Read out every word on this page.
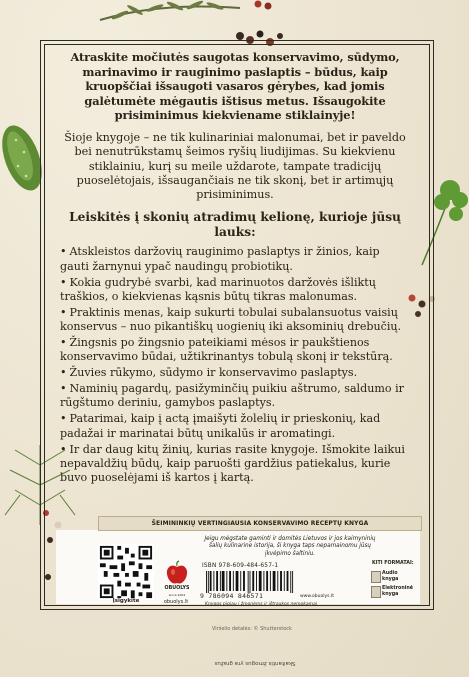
Atraskite močiutės saugotas konservavimo, sūdymo, marinavimo ir rauginimo paslaptis – būdus, kaip kruopščiai išsaugoti vasaros gėrybes, kad jomis galėtumėte mėgautis ištisus metus. Išsaugokite prisiminimus kiekviename stiklainyje!
Šioje knygoje – ne tik kulinariniai malonumai, bet ir paveldo bei nenutrūkstamų šeimos ryšių liudijimas. Su kiekvienu stiklainiu, kurį su meile uždarote, tampate tradicijų puoselėtojais, išsaugančiais ne tik skonį, bet ir artimųjų prisiminimus.
Leiskitės į skonių atradimų kelionę, kurioje jūsų lauks:
• Atskleistos daržovių rauginimo paslaptys ir žinios, kaip gauti žarnynui ypač naudingų probiotikų.
• Kokia gudrybė svarbi, kad marinuotos daržovės išliktų traškios, o kiekvienas kąsnis būtų tikras malonumas.
• Praktinis menas, kaip sukurti tobulai subalansuotus vaisių konservus – nuo pikantiškų uogienių iki aksominių drebučių.
• Žingsnis po žingsnio pateikiami mėsos ir paukštienos konservavimo būdai, užtikrinantys tobulą skonį ir tekstūrą.
• Žuvies rūkymo, sūdymo ir konservavimo paslaptys.
• Naminių pagardų, pasižyminčių puikiu aštrumo, saldumo ir rūgštumo deriniu, gamybos paslaptys.
• Patarimai, kaip į actą įmaišyti žolelių ir prieskonių, kad padažai ir marinatai būtų unikalūs ir aromatingi.
• Ir dar daug kitų žinių, kurias rasite knygoje. Išmokite laikui nepavaldžių būdų, kaip paruošti gardžius patiekalus, kurie buvo puoselėjami iš kartos į kartą.
ŠEIMININKIŲ VERTINGIAUSIA KONSERVAVIMO RECEPTŲ KNYGA
Įsigykite
OBUOLYS
since 2004
obuolys.lt
Jeigu mėgstate gaminti ir domitės Lietuvos ir jos kaimyninių šalių kulinarine istorija, ši knyga taps nepamainomu jūsų įkvėpimo šaltiniu.
ISBN 978-609-484-657-1
9 786094 846571	www.obuolys.lt
Knygos pigiau į žmonėms ir ištraukos nemokamai
KITI FORMATAI:
Audio knyga
Elektroninė knyga
Viršelio detalės: © Shutterstock
Skaitantis žmogus yra gražus
